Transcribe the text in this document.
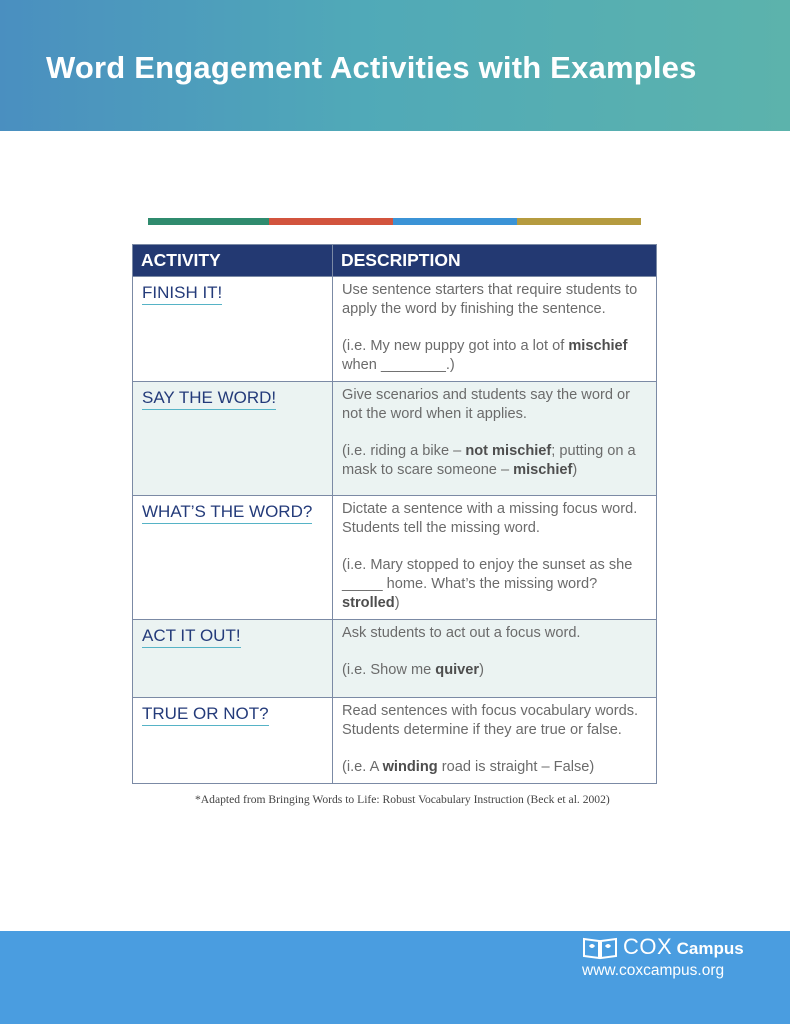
Word Engagement Activities with Examples
ACTIVITY	DESCRIPTION
FINISH IT!	Use sentence starters that require students to apply the word by finishing the sentence.

(i.e. My new puppy got into a lot of mischief when ________.)

SAY THE WORD!	Give scenarios and students say the word or not the word when it applies.

(i.e. riding a bike – not mischief; putting on a mask to scare someone – mischief)

WHAT’S THE WORD?	Dictate a sentence with a missing focus word. Students tell the missing word.

(i.e. Mary stopped to enjoy the sunset as she _____ home. What’s the missing word? strolled)

ACT IT OUT!	Ask students to act out a focus word.

(i.e. Show me quiver)

TRUE OR NOT?	Read sentences with focus vocabulary words. Students determine if they are true or false.

(i.e. A winding road is straight – False)

*Adapted from Bringing Words to Life: Robust Vocabulary Instruction (Beck et al. 2002)
COX Campus
www.coxcampus.org
